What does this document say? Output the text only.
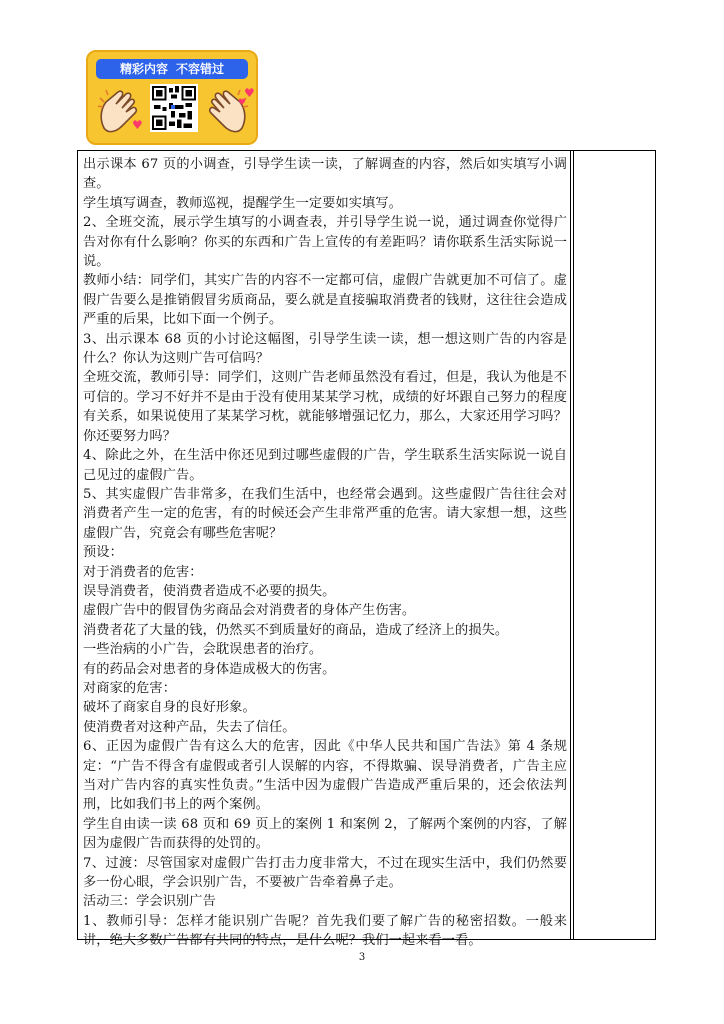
精彩内容 不容错过
♥
♥
♥

出示课本 67 页的小调查，引导学生读一读，了解调查的内容，然后如实填写小调查。

学生填写调查，教师巡视，提醒学生一定要如实填写。

2、全班交流，展示学生填写的小调查表，并引导学生说一说，通过调查你觉得广告对你有什么影响？你买的东西和广告上宣传的有差距吗？请你联系生活实际说一说。

教师小结：同学们，其实广告的内容不一定都可信，虚假广告就更加不可信了。虚假广告要么是推销假冒劣质商品，要么就是直接骗取消费者的钱财，这往往会造成严重的后果，比如下面一个例子。

3、出示课本 68 页的小讨论这幅图，引导学生读一读，想一想这则广告的内容是什么？你认为这则广告可信吗？

全班交流，教师引导：同学们，这则广告老师虽然没有看过，但是，我认为他是不可信的。学习不好并不是由于没有使用某某学习枕，成绩的好坏跟自己努力的程度有关系，如果说使用了某某学习枕，就能够增强记忆力，那么，大家还用学习吗？你还要努力吗？

4、除此之外，在生活中你还见到过哪些虚假的广告，学生联系生活实际说一说自己见过的虚假广告。

5、其实虚假广告非常多，在我们生活中，也经常会遇到。这些虚假广告往往会对消费者产生一定的危害，有的时候还会产生非常严重的危害。请大家想一想，这些虚假广告，究竟会有哪些危害呢？

预设：

对于消费者的危害：

误导消费者，使消费者造成不必要的损失。

虚假广告中的假冒伪劣商品会对消费者的身体产生伤害。

消费者花了大量的钱，仍然买不到质量好的商品，造成了经济上的损失。

一些治病的小广告，会耽误患者的治疗。

有的药品会对患者的身体造成极大的伤害。

对商家的危害：

破坏了商家自身的良好形象。

使消费者对这种产品，失去了信任。

6、正因为虚假广告有这么大的危害，因此《中华人民共和国广告法》第 4 条规定：“广告不得含有虚假或者引人误解的内容，不得欺骗、误导消费者，广告主应当对广告内容的真实性负责。”生活中因为虚假广告造成严重后果的，还会依法判刑，比如我们书上的两个案例。

学生自由读一读 68 页和 69 页上的案例 1 和案例 2，了解两个案例的内容，了解因为虚假广告而获得的处罚的。

7、过渡：尽管国家对虚假广告打击力度非常大，不过在现实生活中，我们仍然要多一份心眼，学会识别广告，不要被广告牵着鼻子走。

活动三：学会识别广告

1、教师引导：怎样才能识别广告呢？首先我们要了解广告的秘密招数。一般来讲，绝大多数广告都有共同的特点，是什么呢？我们一起来看一看。

3
